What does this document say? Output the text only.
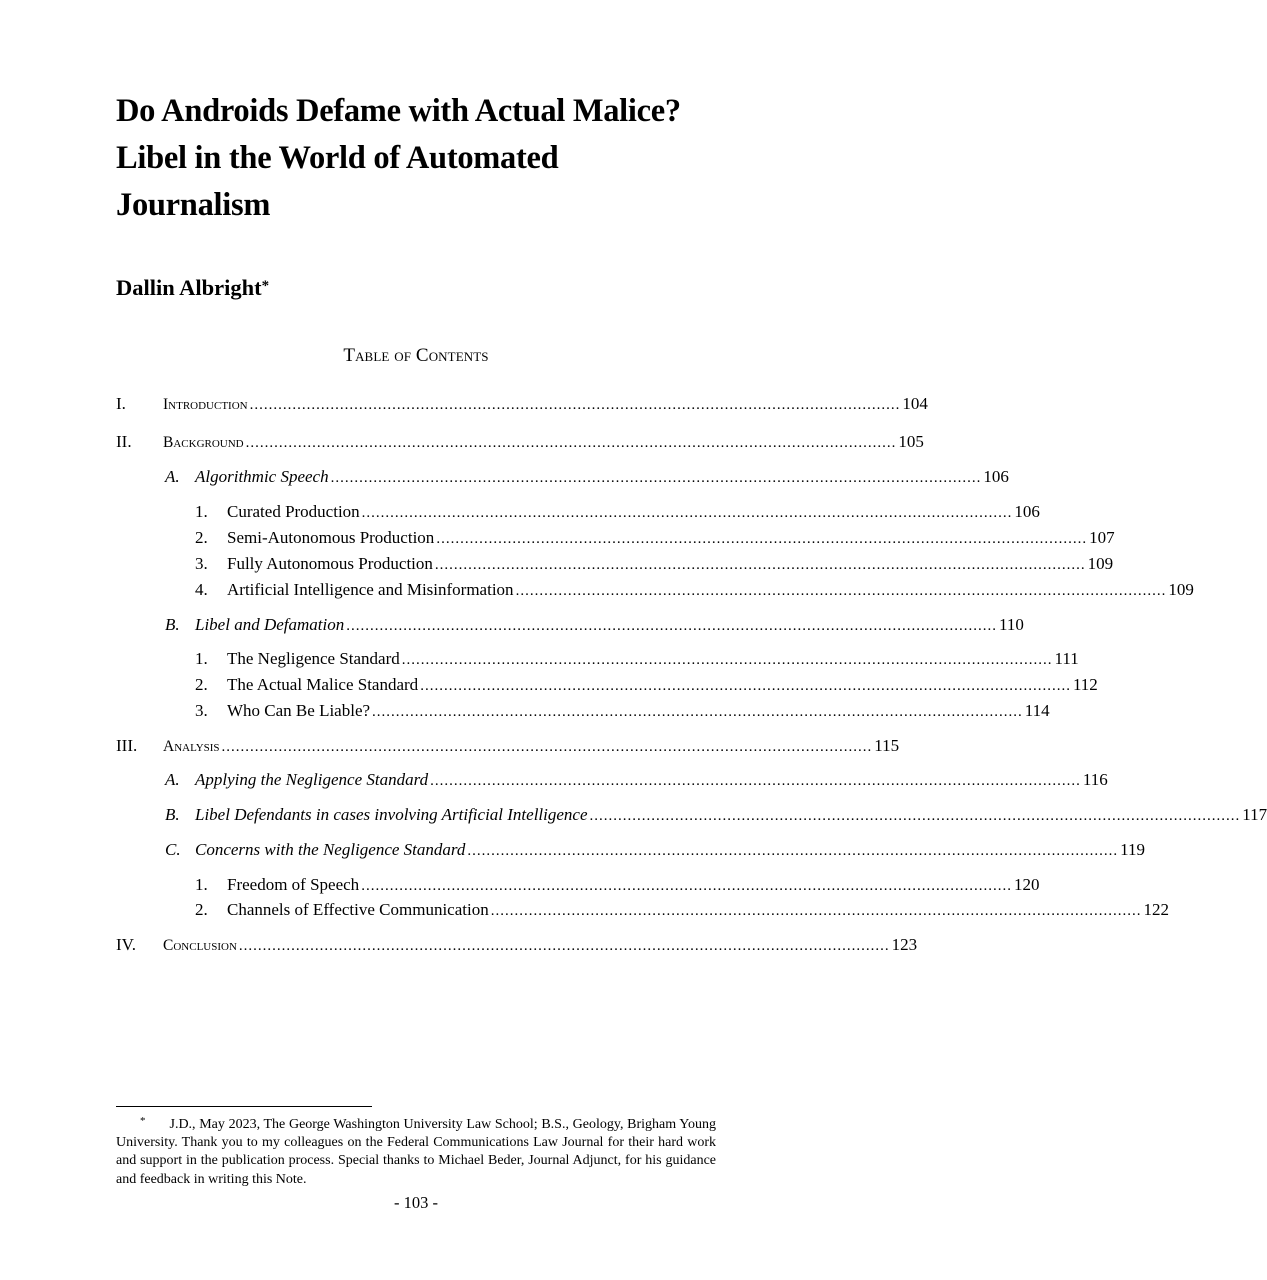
Do Androids Defame with Actual Malice? Libel in the World of Automated Journalism
Dallin Albright*
Table of Contents
I. Introduction ......................................................................................................................................... 104
II. Background ......................................................................................................................................... 105
A. Algorithmic Speech ......................................................................................................................................... 106
1. Curated Production ......................................................................................................................................... 106
2. Semi-Autonomous Production ......................................................................................................................................... 107
3. Fully Autonomous Production ......................................................................................................................................... 109
4. Artificial Intelligence and Misinformation ......................................................................................................................................... 109
B. Libel and Defamation ......................................................................................................................................... 110
1. The Negligence Standard ......................................................................................................................................... 111
2. The Actual Malice Standard ......................................................................................................................................... 112
3. Who Can Be Liable? ......................................................................................................................................... 114
III. Analysis ......................................................................................................................................... 115
A. Applying the Negligence Standard ......................................................................................................................................... 116
B. Libel Defendants in cases involving Artificial Intelligence ......................................................................................................................................... 117
C. Concerns with the Negligence Standard ......................................................................................................................................... 119
1. Freedom of Speech ......................................................................................................................................... 120
2. Channels of Effective Communication ......................................................................................................................................... 122
IV. Conclusion ......................................................................................................................................... 123

* J.D., May 2023, The George Washington University Law School; B.S., Geology, Brigham Young University. Thank you to my colleagues on the Federal Communications Law Journal for their hard work and support in the publication process. Special thanks to Michael Beder, Journal Adjunct, for his guidance and feedback in writing this Note.

- 103 -
